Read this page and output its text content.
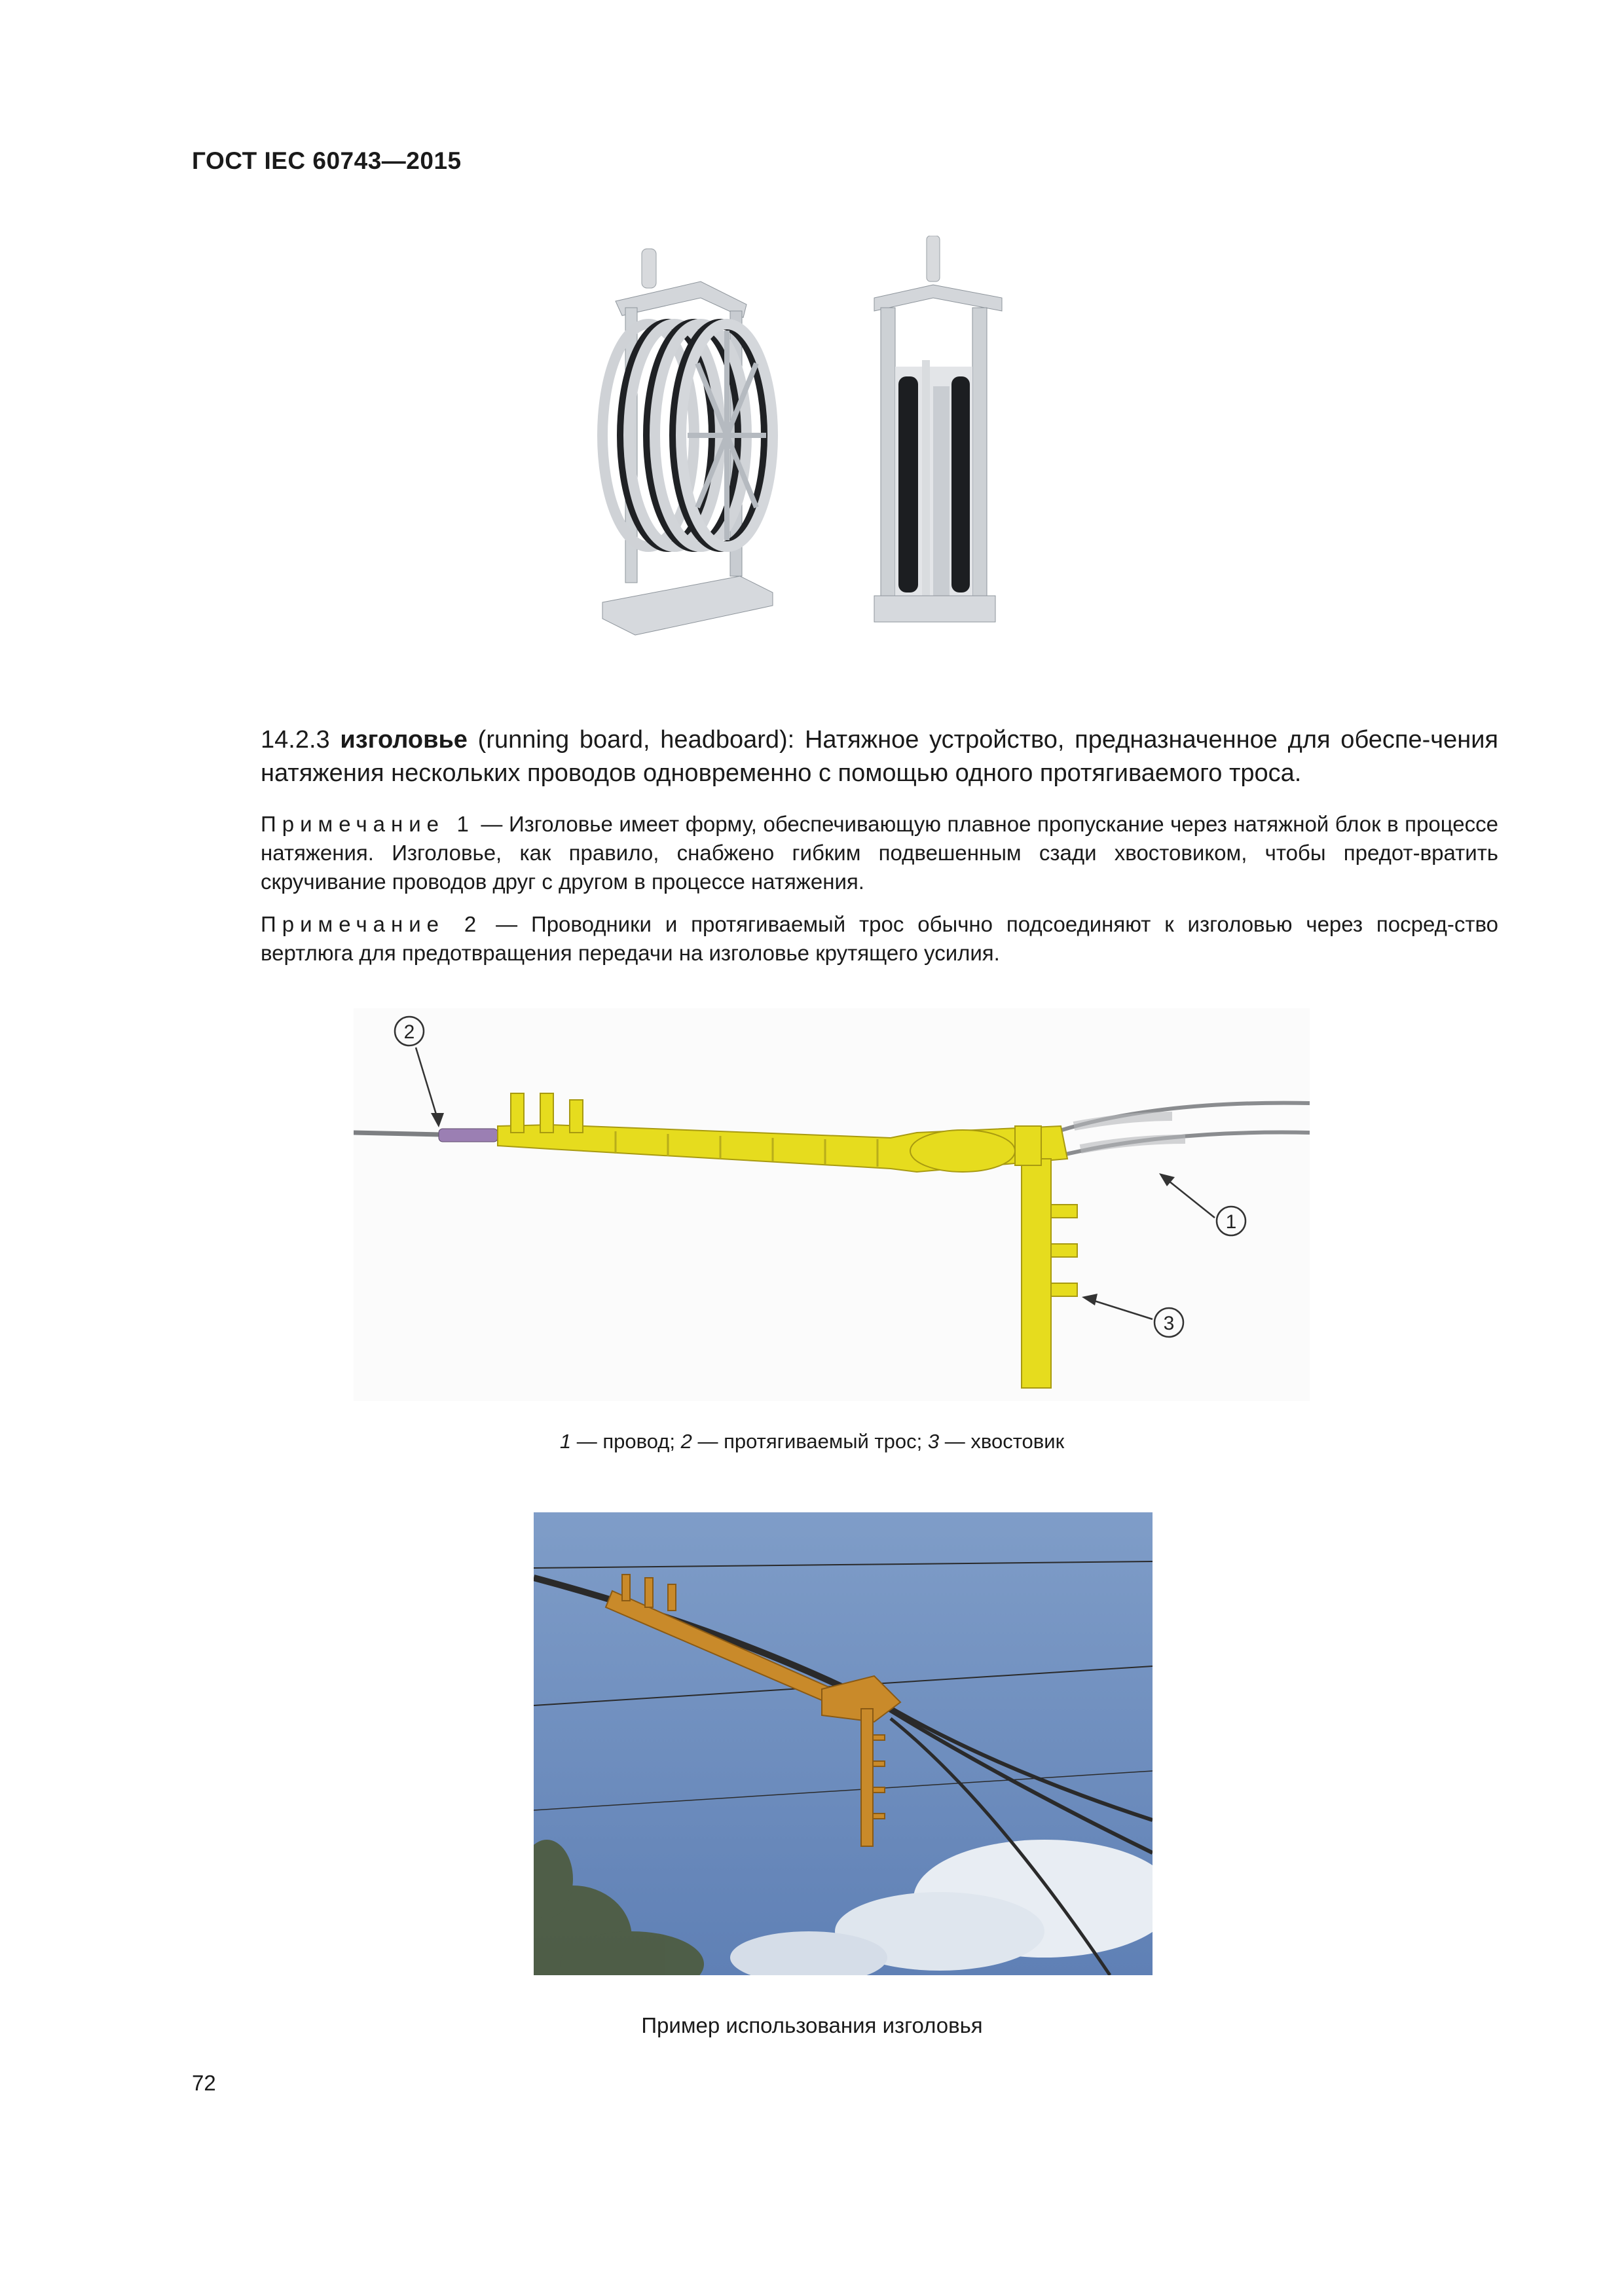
ГОСТ IEC 60743—2015
14.2.3 изголовье (running board, headboard): Натяжное устройство, предназначенное для обеспе-чения натяжения нескольких проводов одновременно с помощью одного протягиваемого троса.
Примечание 1 — Изголовье имеет форму, обеспечивающую плавное пропускание через натяжной блок в процессе натяжения. Изголовье, как правило, снабжено гибким подвешенным сзади хвостовиком, чтобы предот-вратить скручивание проводов друг с другом в процессе натяжения.
Примечание 2 — Проводники и протягиваемый трос обычно подсоединяют к изголовью через посред-ство вертлюга для предотвращения передачи на изголовье крутящего усилия.
2
1
3
1 — провод; 2 — протягиваемый трос; 3 — хвостовик
Пример использования изголовья
72
